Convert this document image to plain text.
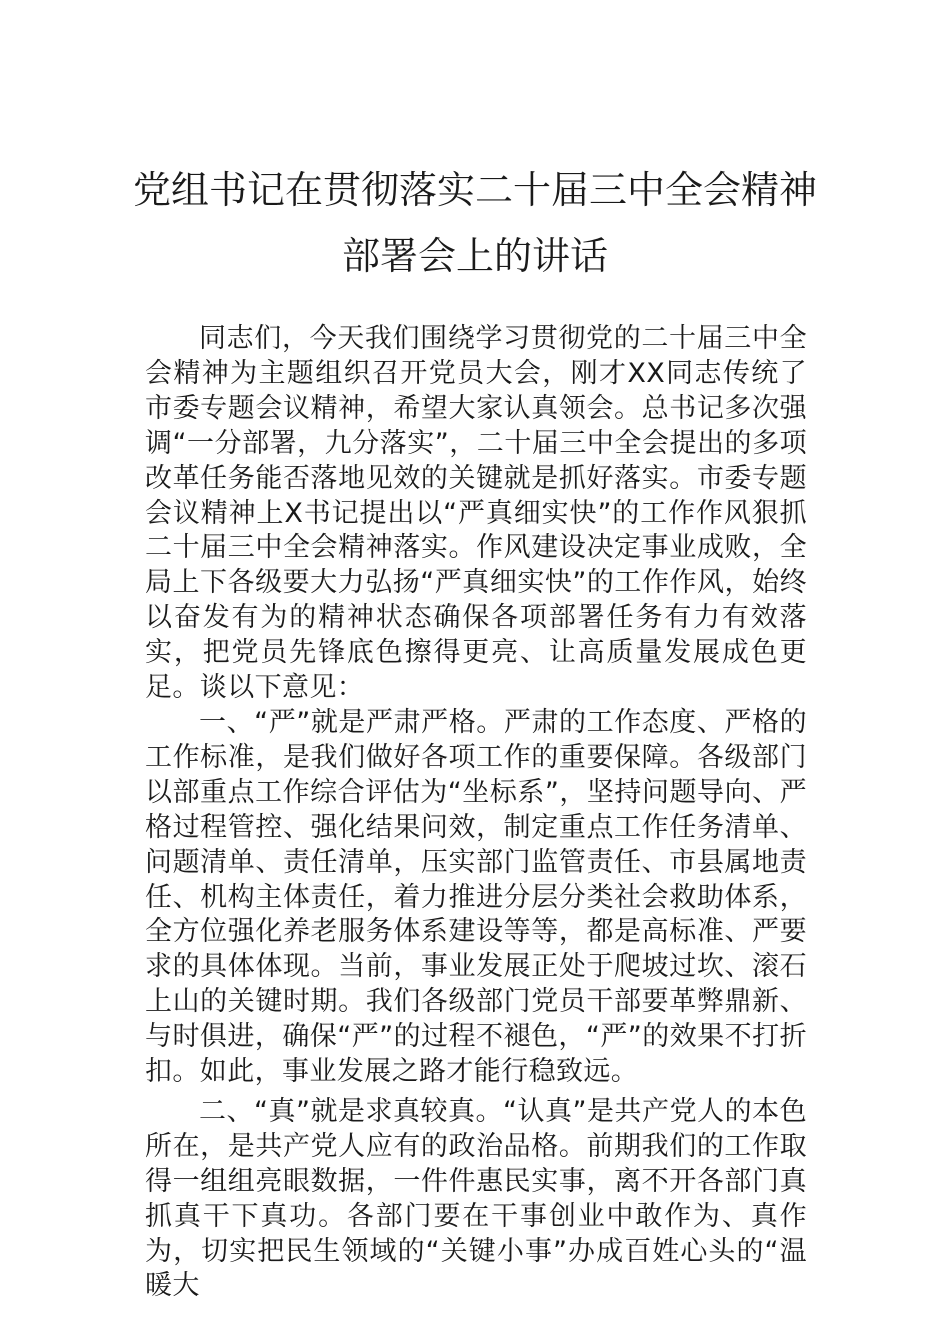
党组书记在贯彻落实二十届三中全会精神
部署会上的讲话

同志们，今天我们围绕学习贯彻党的二十届三中全会精神为主题组织召开党员大会，刚才XX同志传统了市委专题会议精神，希望大家认真领会。总书记多次强调“一分部署，九分落实”，二十届三中全会提出的多项改革任务能否落地见效的关键就是抓好落实。市委专题会议精神上X书记提出以“严真细实快”的工作作风狠抓二十届三中全会精神落实。作风建设决定事业成败，全局上下各级要大力弘扬“严真细实快”的工作作风，始终以奋发有为的精神状态确保各项部署任务有力有效落实，把党员先锋底色擦得更亮、让高质量发展成色更足。谈以下意见：

一、“严”就是严肃严格。严肃的工作态度、严格的工作标准，是我们做好各项工作的重要保障。各级部门以部重点工作综合评估为“坐标系”，坚持问题导向、严格过程管控、强化结果问效，制定重点工作任务清单、问题清单、责任清单，压实部门监管责任、市县属地责任、机构主体责任，着力推进分层分类社会救助体系，全方位强化养老服务体系建设等等，都是高标准、严要求的具体体现。当前，事业发展正处于爬坡过坎、滚石上山的关键时期。我们各级部门党员干部要革弊鼎新、与时俱进，确保“严”的过程不褪色，“严”的效果不打折扣。如此，事业发展之路才能行稳致远。

二、“真”就是求真较真。“认真”是共产党人的本色所在，是共产党人应有的政治品格。前期我们的工作取得一组组亮眼数据，一件件惠民实事，离不开各部门真抓真干下真功。各部门要在干事创业中敢作为、真作为，切实把民生领域的“关键小事”办成百姓心头的“温暖大
